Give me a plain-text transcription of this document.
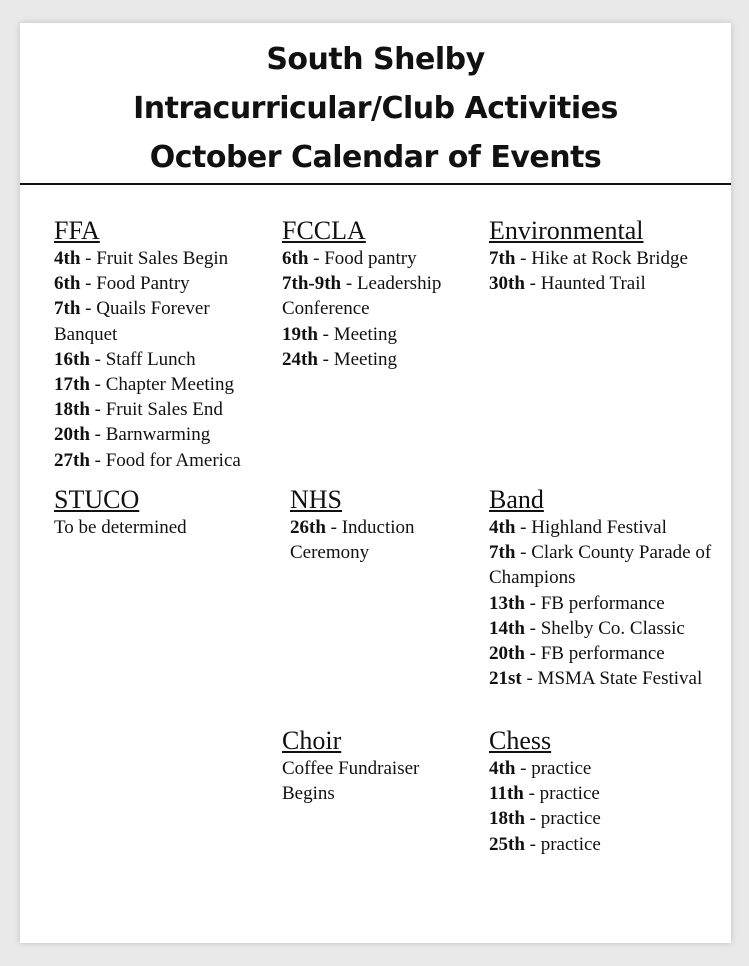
South Shelby
Intracurricular/Club Activities
October Calendar of Events
FFA
4th - Fruit Sales Begin
6th - Food Pantry
7th - Quails Forever Banquet
16th - Staff Lunch
17th - Chapter Meeting
18th - Fruit Sales End
20th - Barnwarming
27th - Food for America
FCCLA
6th - Food pantry
7th-9th - Leadership Conference
19th - Meeting
24th - Meeting
Environmental
7th - Hike at Rock Bridge
30th - Haunted Trail
STUCO

To be determined

NHS
26th - Induction Ceremony
Band
4th - Highland Festival
7th - Clark County Parade of Champions
13th - FB performance
14th - Shelby Co. Classic
20th - FB performance
21st - MSMA State Festival
Choir

Coffee Fundraiser Begins

Chess
4th - practice
11th - practice
18th - practice
25th - practice
